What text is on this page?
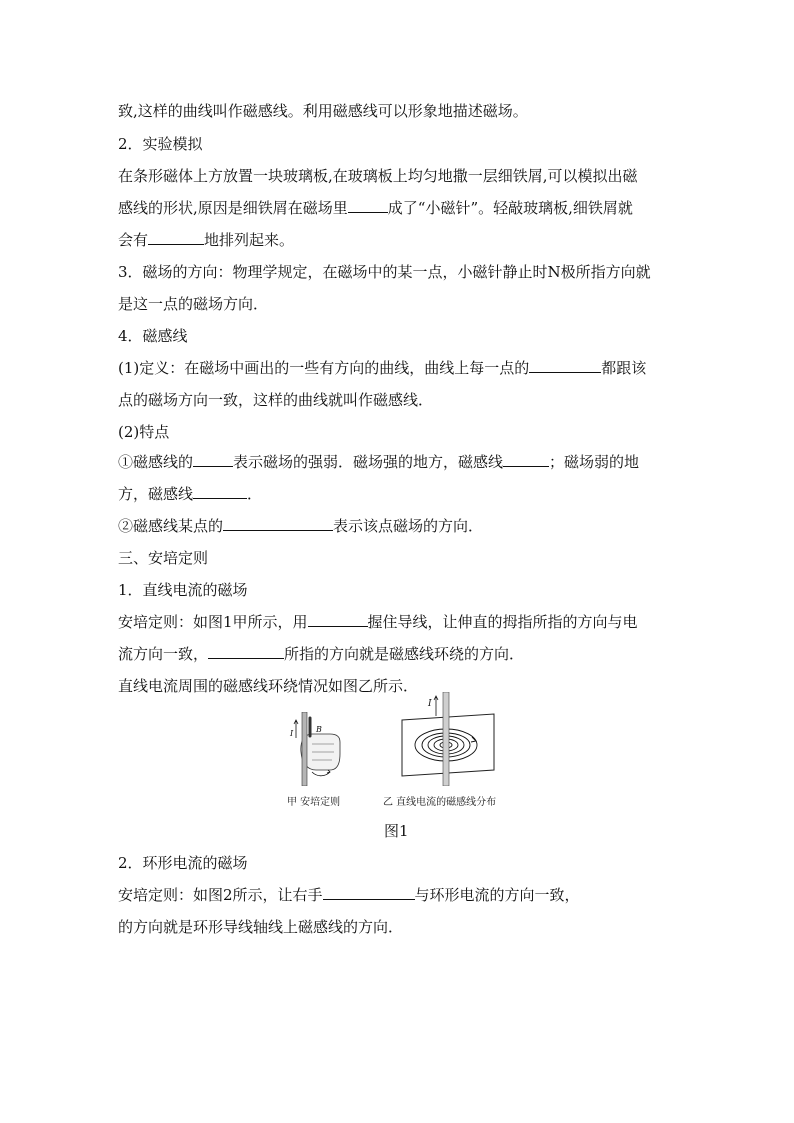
致,这样的曲线叫作磁感线。利用磁感线可以形象地描述磁场。
2．实验模拟
在条形磁体上方放置一块玻璃板,在玻璃板上均匀地撒一层细铁屑,可以模拟出磁
感线的形状,原因是细铁屑在磁场里	成了“小磁针”。轻敲玻璃板,细铁屑就
会有	地排列起来。
3．磁场的方向：物理学规定，在磁场中的某一点，小磁针静止时N极所指方向就
是这一点的磁场方向．
4．磁感线
(1)定义：在磁场中画出的一些有方向的曲线，曲线上每一点的	都跟该
点的磁场方向一致，这样的曲线就叫作磁感线．
(2)特点
①磁感线的	表示磁场的强弱．磁场强的地方，磁感线	；磁场弱的地
方，磁感线	．
②磁感线某点的	表示该点磁场的方向．
三、安培定则
1．直线电流的磁场
安培定则：如图1甲所示，用	握住导线，让伸直的拇指所指的方向与电
流方向一致，	所指的方向就是磁感线环绕的方向．
直线电流周围的磁感线环绕情况如图乙所示．
I	B
I
甲 安培定则	乙 直线电流的磁感线分布
图1
2．环形电流的磁场
安培定则：如图2所示，让右手	与环形电流的方向一致，
的方向就是环形导线轴线上磁感线的方向．
